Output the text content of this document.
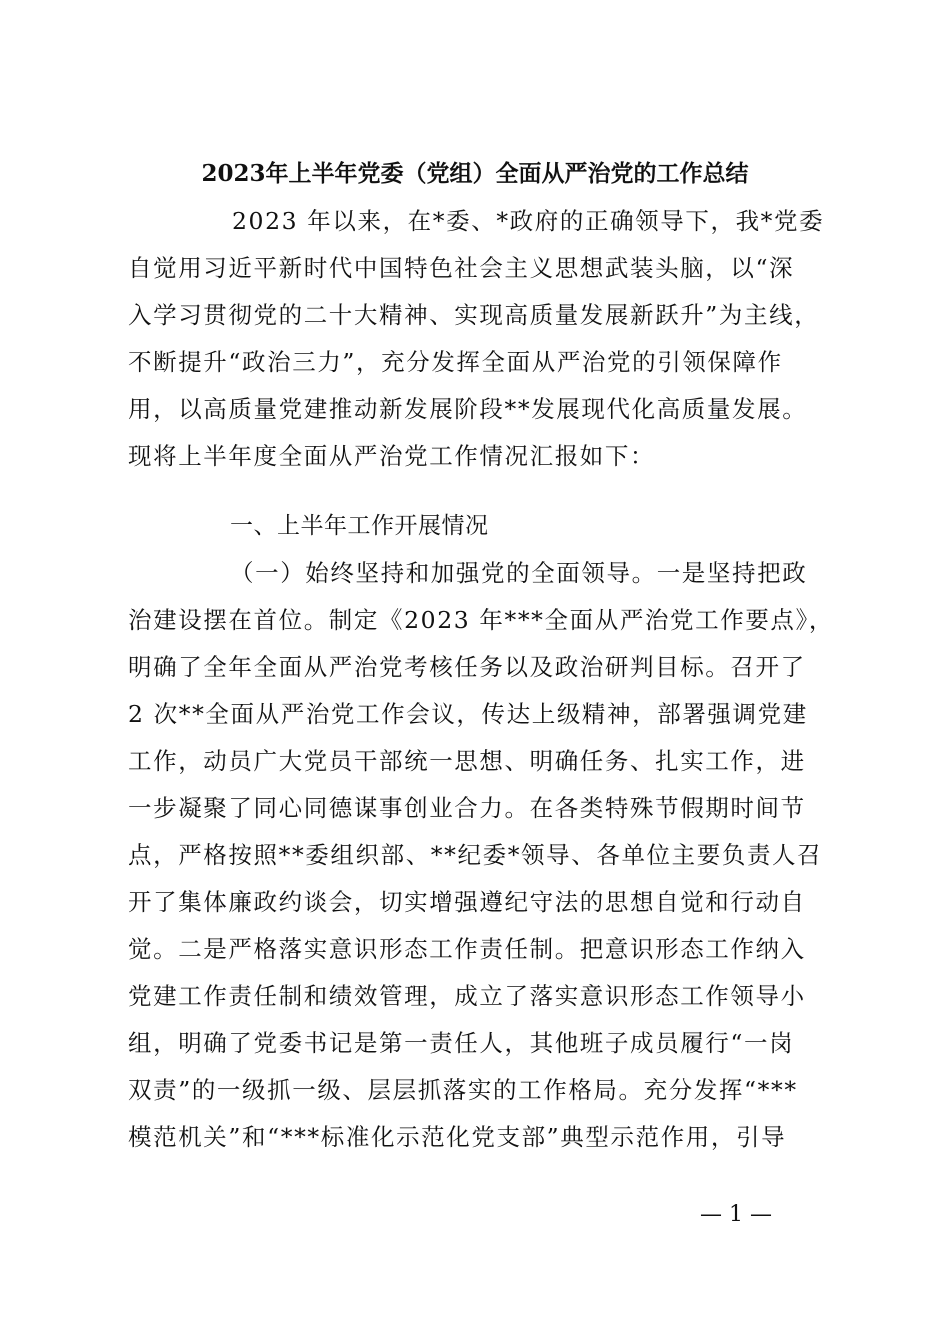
2023年上半年党委（党组）全面从严治党的工作总结
2023 年以来，在*委、*政府的正确领导下，我*党委
自觉用习近平新时代中国特色社会主义思想武装头脑，以“深
入学习贯彻党的二十大精神、实现高质量发展新跃升”为主线，
不断提升“政治三力”，充分发挥全面从严治党的引领保障作
用，以高质量党建推动新发展阶段**发展现代化高质量发展。
现将上半年度全面从严治党工作情况汇报如下：
一、上半年工作开展情况
（一）始终坚持和加强党的全面领导。一是坚持把政
治建设摆在首位。制定《2023 年***全面从严治党工作要点》，
明确了全年全面从严治党考核任务以及政治研判目标。召开了
2 次**全面从严治党工作会议，传达上级精神，部署强调党建
工作，动员广大党员干部统一思想、明确任务、扎实工作，进
一步凝聚了同心同德谋事创业合力。在各类特殊节假期时间节
点，严格按照**委组织部、**纪委*领导、各单位主要负责人召
开了集体廉政约谈会，切实增强遵纪守法的思想自觉和行动自
觉。二是严格落实意识形态工作责任制。把意识形态工作纳入
党建工作责任制和绩效管理，成立了落实意识形态工作领导小
组，明确了党委书记是第一责任人，其他班子成员履行“一岗
双责”的一级抓一级、层层抓落实的工作格局。充分发挥“***
模范机关”和“***标准化示范化党支部”典型示范作用，引导
— 1 —
